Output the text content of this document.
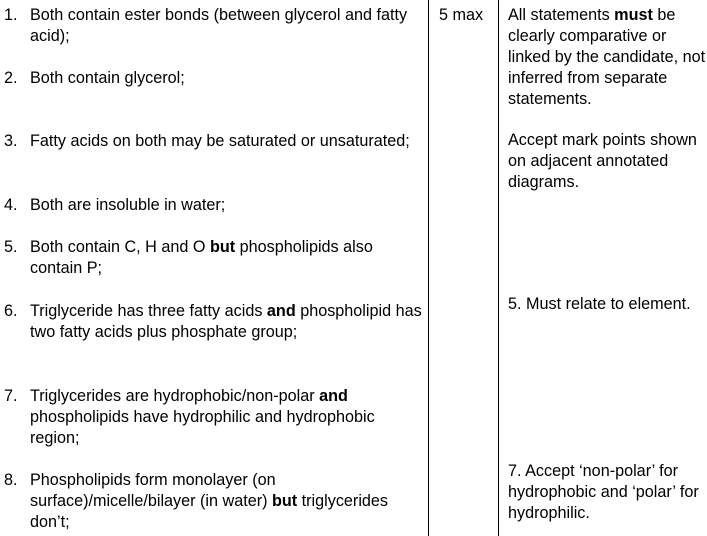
1. Both contain ester bonds (between glycerol and fatty acid);
2. Both contain glycerol;
3. Fatty acids on both may be saturated or unsaturated;
4. Both are insoluble in water;
5. Both contain C, H and O but phospholipids also contain P;
6. Triglyceride has three fatty acids and phospholipid has two fatty acids plus phosphate group;
7. Triglycerides are hydrophobic/non-polar and phospholipids have hydrophilic and hydrophobic region;
8. Phospholipids form monolayer (on surface)/micelle/bilayer (in water) but triglycerides don’t;
5 max All statements must be clearly comparative or linked by the candidate, not inferred from separate statements.
Accept mark points shown on adjacent annotated diagrams.
5. Must relate to element.
7. Accept ‘non-polar’ for hydrophobic and ‘polar’ for hydrophilic.
